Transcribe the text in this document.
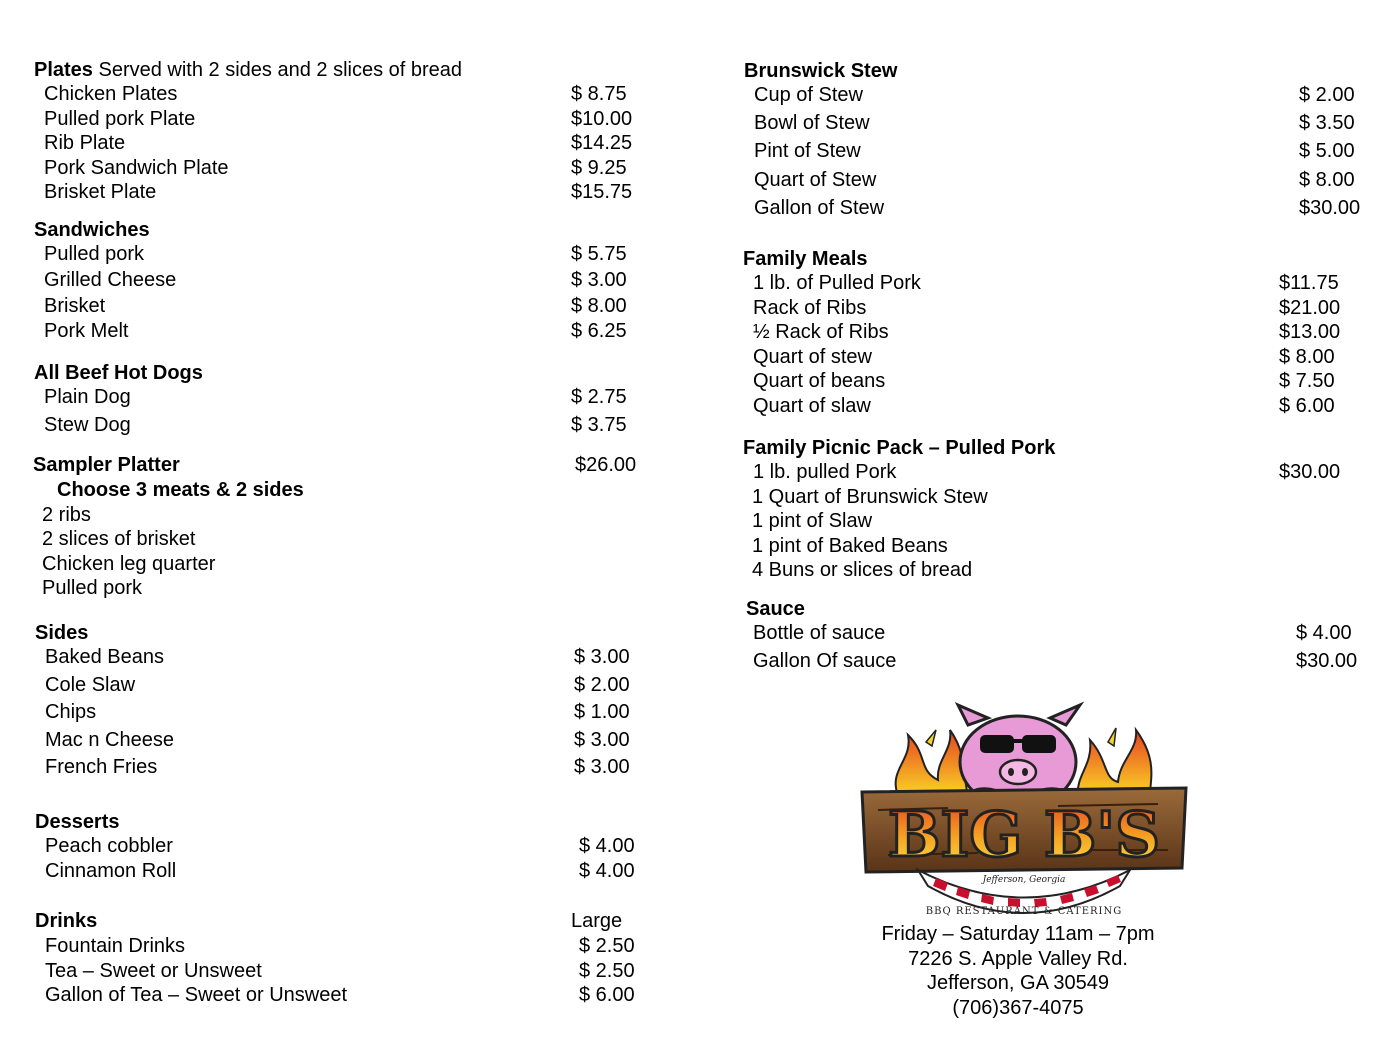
Plates Served with 2 sides and 2 slices of bread
Chicken Plates	$ 8.75
Pulled pork Plate	$10.00
Rib Plate	$14.25
Pork Sandwich Plate	$ 9.25
Brisket Plate	$15.75
Sandwiches
Pulled pork	$ 5.75
Grilled Cheese	$ 3.00
Brisket	$ 8.00
Pork Melt	$ 6.25
All Beef Hot Dogs
Plain Dog	$ 2.75
Stew Dog	$ 3.75
Sampler Platter	$26.00
Choose 3 meats & 2 sides
2 ribs
2 slices of brisket
Chicken leg quarter
Pulled pork
Sides
Baked Beans	$ 3.00
Cole Slaw	$ 2.00
Chips	$ 1.00
Mac n Cheese	$ 3.00
French Fries	$ 3.00
Desserts
Peach cobbler	$ 4.00
Cinnamon Roll	$ 4.00
Drinks	Large
Fountain Drinks	$ 2.50
Tea – Sweet or Unsweet	$ 2.50
Gallon of Tea – Sweet or Unsweet	$ 6.00
Brunswick Stew
Cup of Stew	$ 2.00
Bowl of Stew	$ 3.50
Pint of Stew	$ 5.00
Quart of Stew	$ 8.00
Gallon of Stew	$30.00
Family Meals
1 lb. of Pulled Pork	$11.75
Rack of Ribs	$21.00
½ Rack of Ribs	$13.00
Quart of stew	$ 8.00
Quart of beans	$ 7.50
Quart of slaw	$ 6.00
Family Picnic Pack – Pulled Pork
1 lb. pulled Pork	$30.00
1 Quart of Brunswick Stew
1 pint of Slaw
1 pint of Baked Beans
4 Buns or slices of bread
Sauce
Bottle of sauce	$ 4.00
Gallon Of sauce	$30.00
BIG B'S
Jefferson, Georgia
BBQ RESTAURANT & CATERING
Friday – Saturday 11am – 7pm
7226 S. Apple Valley Rd.
Jefferson, GA 30549
(706)367-4075
